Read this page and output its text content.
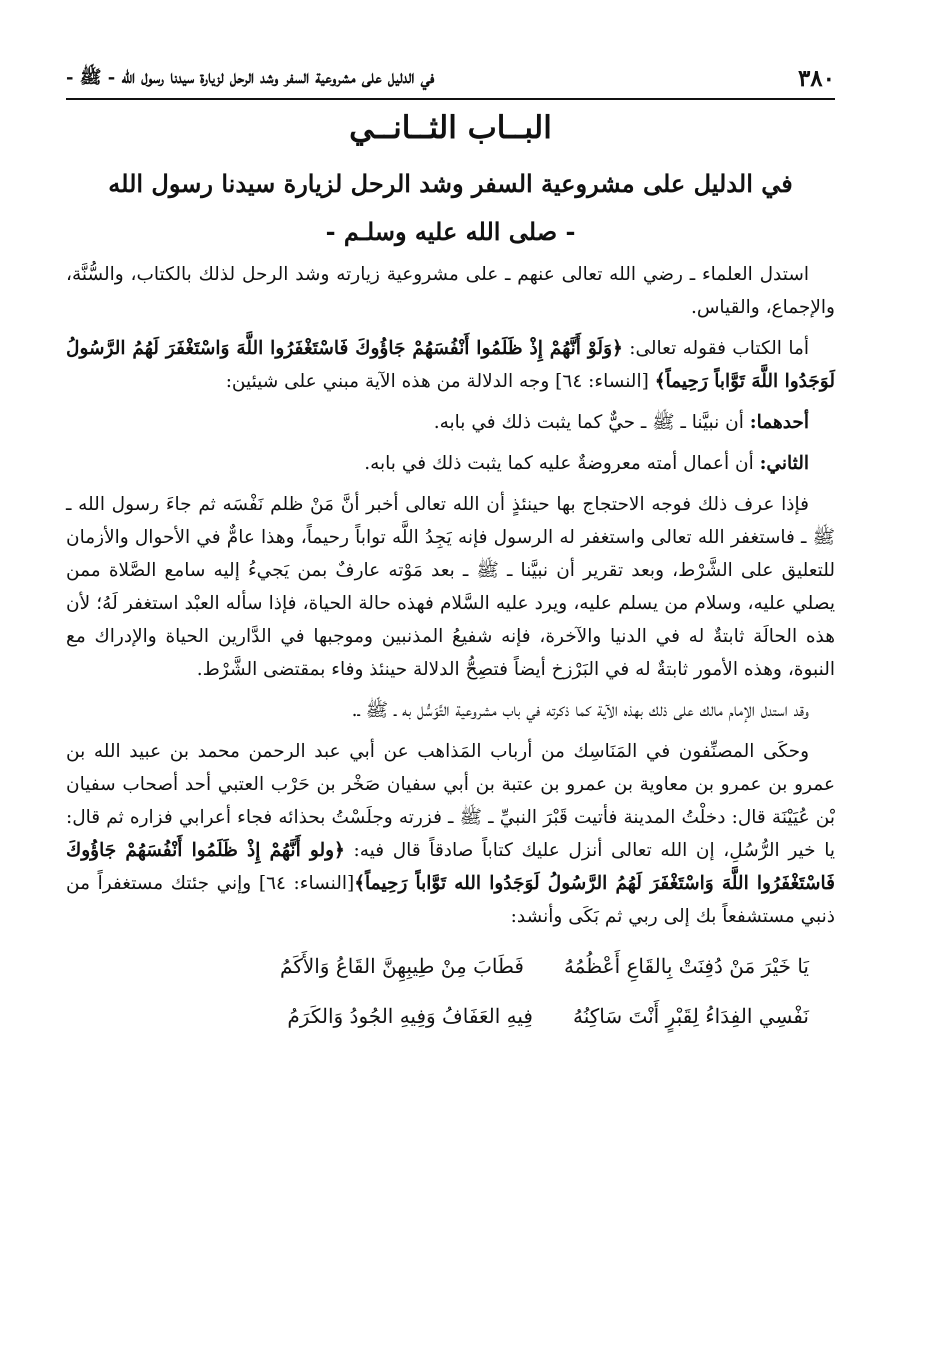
٣٨٠
في الدليل على مشروعية السفر وشد الرحل لزيارة سيدنا رسول الله - ﷺ -
البــاب الثــانــي
في الدليل على مشروعية السفر وشد الرحل لزيارة سيدنا رسول الله
- صلى الله عليه وسلـم -

استدل العلماء ـ رضي الله تعالى عنهم ـ على مشروعية زيارته وشد الرحل لذلك بالكتاب، والسُّنَّة، والإجماع، والقياس.

أما الكتاب فقوله تعالى: ﴿وَلَوْ أَنَّهُمْ إِذْ ظَلَمُوا أَنْفُسَهُمْ جَاؤُوكَ فَاسْتَغْفَرُوا اللَّهَ وَاسْتَغْفَرَ لَهُمُ الرَّسُولُ لَوَجَدُوا اللَّهَ تَوَّاباً رَحِيماً﴾ [النساء: ٦٤] وجه الدلالة من هذه الآية مبني على شيئين:

أحدهما: أن نبيَّنا ـ ﷺ ـ حيٌّ كما يثبت ذلك في بابه.

الثاني: أن أعمال أمته معروضةٌ عليه كما يثبت ذلك في بابه.

فإذا عرف ذلك فوجه الاحتجاج بها حينئذٍ أن الله تعالى أخبر أنَّ مَنْ ظلم نَفْسَه ثم جاءَ رسول الله ـ ﷺ ـ فاستغفر الله تعالى واستغفر له الرسول فإنه يَجِدُ اللَّه تواباً رحيماً، وهذا عامٌّ في الأحوال والأزمان للتعليق على الشَّرْط، وبعد تقرير أن نبيَّنا ـ ﷺ ـ بعد مَوْته عارفٌ بمن يَجيءُ إليه سامع الصَّلاة ممن يصلي عليه، وسلام من يسلم عليه، ويرد عليه السَّلام فهذه حالة الحياة، فإذا سأله العبْد استغفر لَهُ؛ لأن هذه الحالَة ثابتةٌ له في الدنيا والآخرة، فإنه شفيعُ المذنبين وموجبها في الدَّارين الحياة والإدراك مع النبوة، وهذه الأمور ثابتةٌ له في البَرْزخ أيضاً فتصِحُّ الدلالة حينئذ وفاء بمقتضى الشَّرْط.

وقد استدل الإمام مالك على ذلك بهذه الآية كما ذكرته في باب مشروعية التَّوَسُّل به ـ ﷺ ـ.

وحكَى المصنِّفون في المَنَاسِك من أرباب المَذاهب عن أبي عبد الرحمن محمد بن عبيد الله بن عمرو بن عمرو بن معاوية بن عمرو بن عتبة بن أبي سفيان صَخْر بن حَرْب العتبي أحد أصحاب سفيان بْن عُيَيْنَة قال: دخلْتُ المدينة فأتيت قَبْرَ النبيِّ ـ ﷺ ـ فزرته وجلَسْتُ بحذائه فجاء أعرابي فزاره ثم قال: يا خير الرُّسُلِ، إن الله تعالى أنزل عليك كتاباً صادقاً قال فيه: ﴿ولو أَنَّهُمْ إِذْ ظَلَمُوا أَنْفُسَهُمْ جَاؤُوكَ فَاسْتَغْفَرُوا اللَّهَ وَاسْتَغْفَرَ لَهُمُ الرَّسُولُ لَوَجَدُوا الله تَوَّاباً رَحِيماً﴾[النساء: ٦٤] وإني جئتك مستغفراً من ذنبي مستشفعاً بك إلى ربي ثم بَكَى وأنشد:

يَا خَيْرَ مَنْ دُفِنَتْ بِالقَاعِ أَعْظُمُهُ
فَطَابَ مِنْ طِيبِهِنَّ القَاعُ وَالأَكَمُ
نَفْسِي الفِدَاءُ لِقَبْرٍ أَنْتَ سَاكِنُهُ
فِيهِ العَفَافُ وَفِيهِ الجُودُ وَالكَرَمُ
